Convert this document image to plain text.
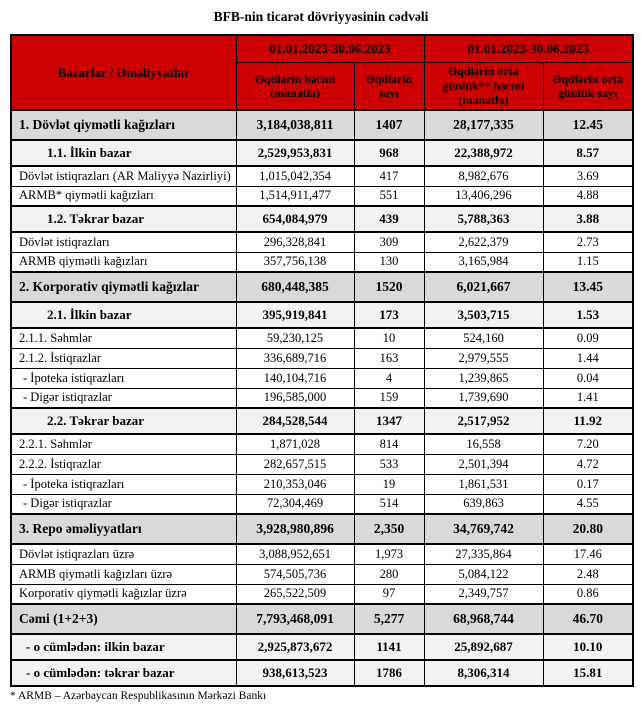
BFB-nin ticarət dövriyyəsinin cədvəli
Bazarlar / Əməliyyatlar	01.01.2023-30.06.2023		01.01.2023-30.06.2023	
	Əqdlərin həcmi (manatla)	Əqdlərin sayı	Əqdlərin orta günlük** həcmi (manatla)	Əqdlərin orta günlük sayı
1. Dövlət qiymətli kağızları	3,184,038,811	1407	28,177,335	12.45
1.1. İlkin bazar	2,529,953,831	968	22,388,972	8.57
Dövlət istiqrazları (AR Maliyyə Nazirliyi)	1,015,042,354	417	8,982,676	3.69
ARMB* qiymətli kağızları	1,514,911,477	551	13,406,296	4.88
1.2. Təkrar bazar	654,084,979	439	5,788,363	3.88
Dövlət istiqrazları	296,328,841	309	2,622,379	2.73
ARMB qiymətli kağızları	357,756,138	130	3,165,984	1.15
2. Korporativ qiymətli kağızlar	680,448,385	1520	6,021,667	13.45
2.1. İlkin bazar	395,919,841	173	3,503,715	1.53
2.1.1. Səhmlər	59,230,125	10	524,160	0.09
2.1.2. İstiqrazlar	336,689,716	163	2,979,555	1.44
- İpoteka istiqrazları	140,104,716	4	1,239,865	0.04
- Digər istiqrazlar	196,585,000	159	1,739,690	1.41
2.2. Təkrar bazar	284,528,544	1347	2,517,952	11.92
2.2.1. Səhmlər	1,871,028	814	16,558	7.20
2.2.2. İstiqrazlar	282,657,515	533	2,501,394	4.72
- İpoteka istiqrazları	210,353,046	19	1,861,531	0.17
- Digər istiqrazlar	72,304,469	514	639,863	4.55
3. Repo əməliyyatları	3,928,980,896	2,350	34,769,742	20.80
Dövlət istiqrazları üzrə	3,088,952,651	1,973	27,335,864	17.46
ARMB qiymətli kağızları üzrə	574,505,736	280	5,084,122	2.48
Korporativ qiymətli kağızlar üzrə	265,522,509	97	2,349,757	0.86
Cəmi (1+2+3)	7,793,468,091	5,277	68,968,744	46.70
- o cümlədən: ilkin bazar	2,925,873,672	1141	25,892,687	10.10
- o cümlədən: təkrar bazar	938,613,523	1786	8,306,314	15.81
* ARMB – Azərbaycan Respublikasının Mərkəzi Bankı
